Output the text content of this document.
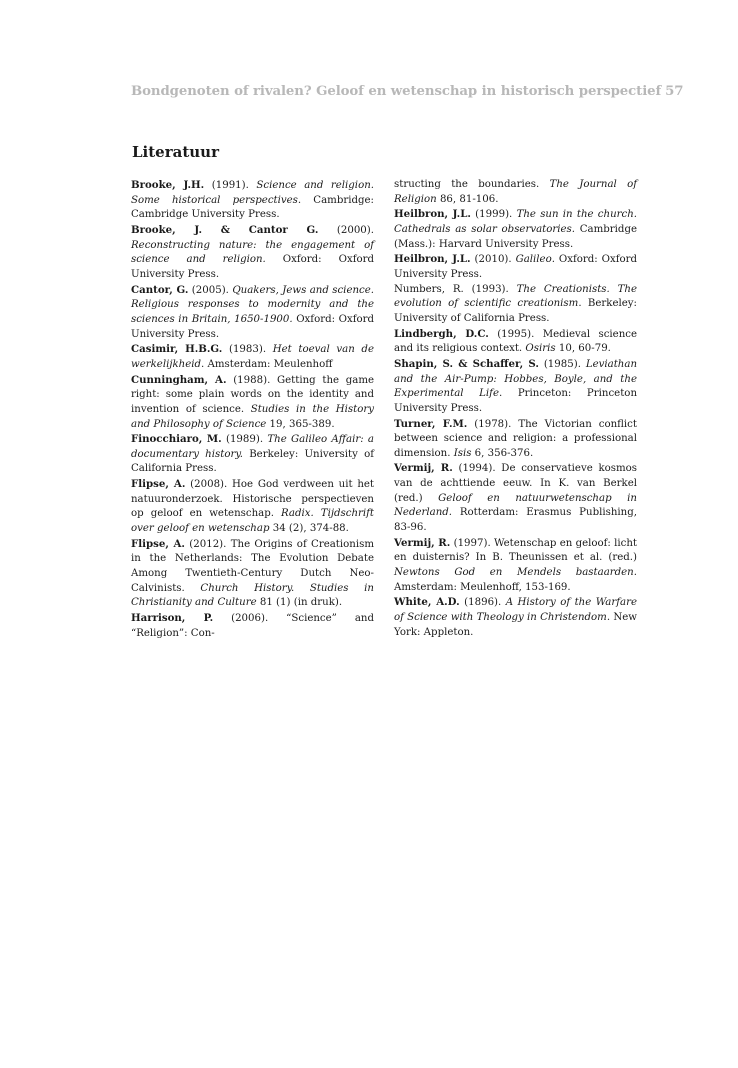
Bondgenoten of rivalen? Geloof en wetenschap in historisch perspectief 57
Literatuur

Brooke, J.H. (1991). Science and religion. Some historical perspectives. Cambridge: Cambridge University Press.

Brooke, J. & Cantor G. (2000). Reconstructing nature: the engagement of science and religion. Oxford: Oxford University Press.

Cantor, G. (2005). Quakers, Jews and science. Religious responses to modernity and the sciences in Britain, 1650-1900. Oxford: Oxford University Press.

Casimir, H.B.G. (1983). Het toeval van de werkelijkheid. Amsterdam: Meulenhoff

Cunningham, A. (1988). Getting the game right: some plain words on the identity and invention of science. Studies in the History and Philosophy of Science 19, 365-389.

Finocchiaro, M. (1989). The Galileo Affair: a documentary history. Berkeley: University of California Press.

Flipse, A. (2008). Hoe God verdween uit het natuuronderzoek. Historische perspectieven op geloof en wetenschap. Radix. Tijdschrift over geloof en wetenschap 34 (2), 374-88.

Flipse, A. (2012). The Origins of Creationism in the Netherlands: The Evolution Debate Among Twentieth-Century Dutch Neo-Calvinists. Church History. Studies in Christianity and Culture 81 (1) (in druk).

Harrison, P. (2006). “Science” and “Religion”: Con-

structing the boundaries. The Journal of Religion 86, 81-106.

Heilbron, J.L. (1999). The sun in the church. Cathedrals as solar observatories. Cambridge (Mass.): Harvard University Press.

Heilbron, J.L. (2010). Galileo. Oxford: Oxford University Press.

Numbers, R. (1993). The Creationists. The evolution of scientific creationism. Berkeley: University of California Press.

Lindbergh, D.C. (1995). Medieval science and its religious context. Osiris 10, 60-79.

Shapin, S. & Schaffer, S. (1985). Leviathan and the Air-Pump: Hobbes, Boyle, and the Experimental Life. Princeton: Princeton University Press.

Turner, F.M. (1978). The Victorian conflict between science and religion: a professional dimension. Isis 6, 356-376.

Vermij, R. (1994). De conservatieve kosmos van de achttiende eeuw. In K. van Berkel (red.) Geloof en natuurwetenschap in Nederland. Rotterdam: Erasmus Publishing, 83-96.

Vermij, R. (1997). Wetenschap en geloof: licht en duisternis? In B. Theunissen et al. (red.) Newtons God en Mendels bastaarden. Amsterdam: Meulenhoff, 153-169.

White, A.D. (1896). A History of the Warfare of Science with Theology in Christendom. New York: Appleton.
